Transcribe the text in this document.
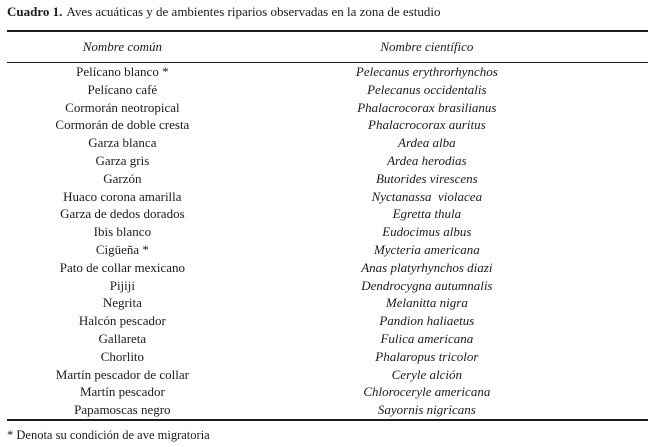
Cuadro 1. Aves acuáticas y de ambientes riparios observadas en la zona de estudio
Nombre común	Nombre científico	
Pelícano blanco *	Pelecanus erythrorhynchos	
Pelícano café	Pelecanus occidentalis	
Cormorán neotropical	Phalacrocorax brasilianus	
Cormorán de doble cresta	Phalacrocorax auritus	
Garza blanca	Ardea alba	
Garza gris	Ardea herodias	
Garzón	Butorides virescens	
Huaco corona amarilla	Nyctanassa  violacea	
Garza de dedos dorados	Egretta thula	
Ibis blanco	Eudocimus albus	
Cigüeña *	Mycteria americana	
Pato de collar mexicano	Anas platyrhynchos diazi	
Pijiji	Dendrocygna autumnalis	
Negrita	Melanitta nigra	
Halcón pescador	Pandion haliaetus	
Gallareta	Fulica americana	
Chorlito	Phalaropus tricolor	
Martín pescador de collar	Ceryle alción	
Martín pescador	Chloroceryle americana	
Papamoscas negro	Sayornis nigricans	
* Denota su condición de ave migratoria
